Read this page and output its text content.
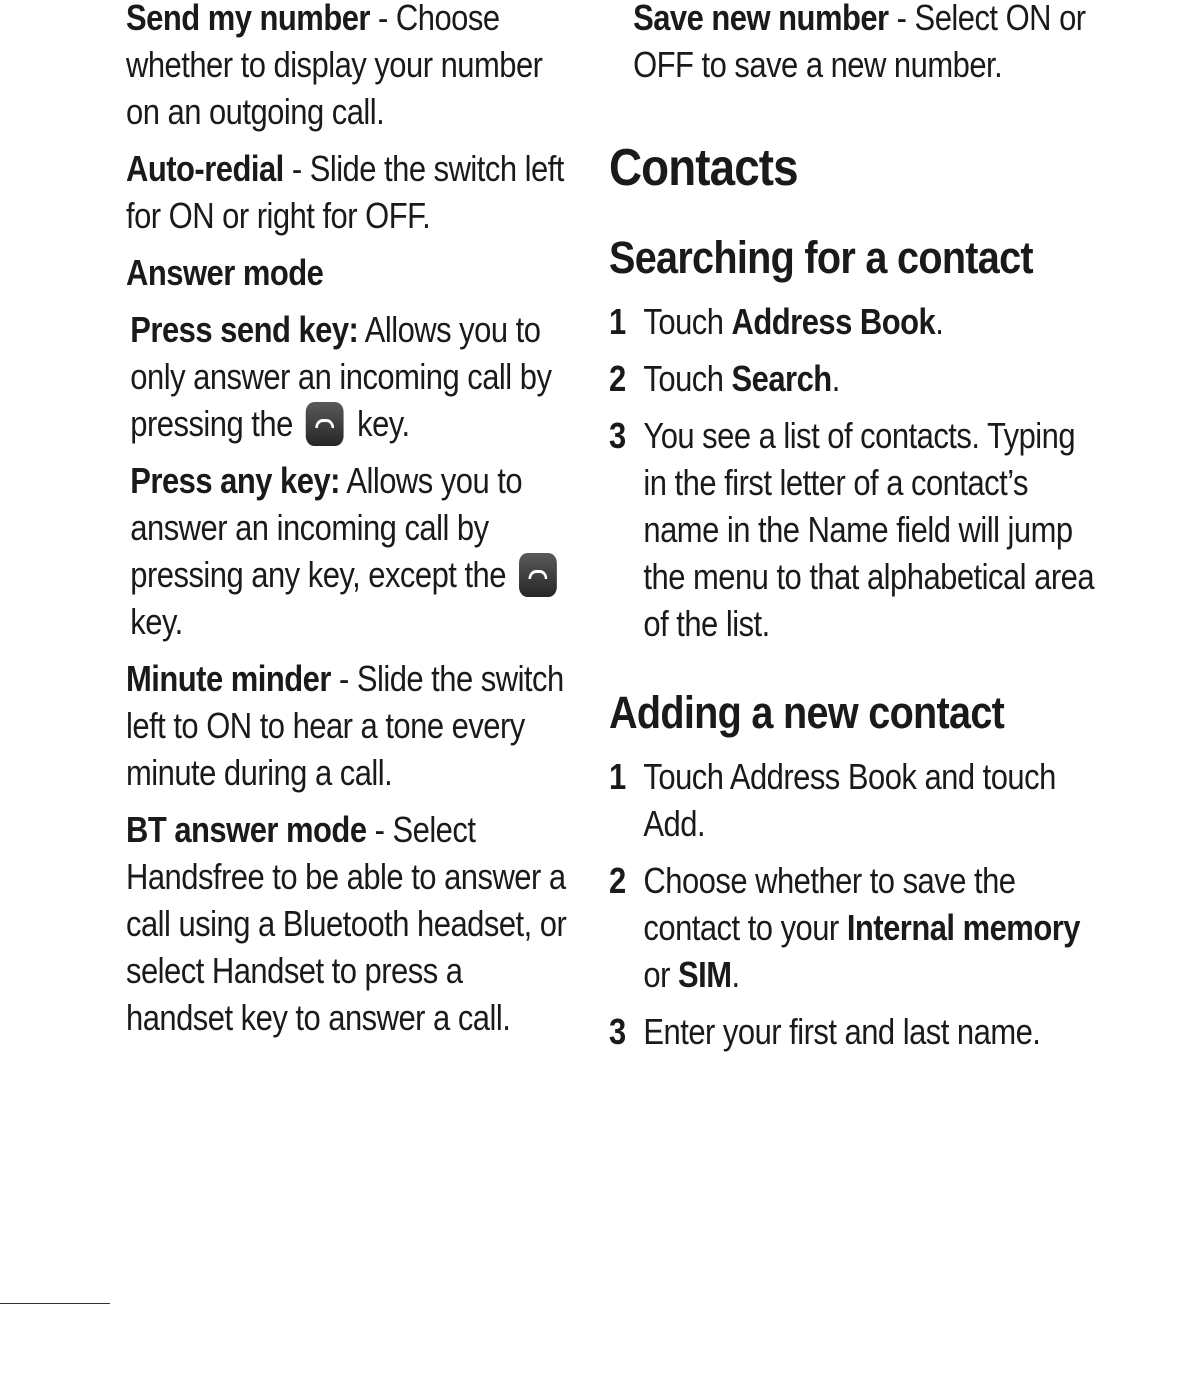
Send my number - Choose whether to display your number on an outgoing call.

Auto-redial - Slide the switch left for ON or right for OFF.

Answer mode

Press send key: Allows you to only answer an incoming call by pressing the  key.

Press any key: Allows you to answer an incoming call by pressing any key, except the  key.

Minute minder - Slide the switch left to ON to hear a tone every minute during a call.

BT answer mode - Select Handsfree to be able to answer a call using a Bluetooth headset, or select Handset to press a handset key to answer a call.

Save new number - Select ON or OFF to save a new number.

Contacts
Searching for a contact
1 Touch Address Book.
2 Touch Search.
3 You see a list of contacts. Typing in the first letter of a contact’s name in the Name field will jump the menu to that alphabetical area of the list.
Adding a new contact
1 Touch Address Book and touch Add.
2 Choose whether to save the contact to your Internal memory or SIM.
3 Enter your first and last name.
